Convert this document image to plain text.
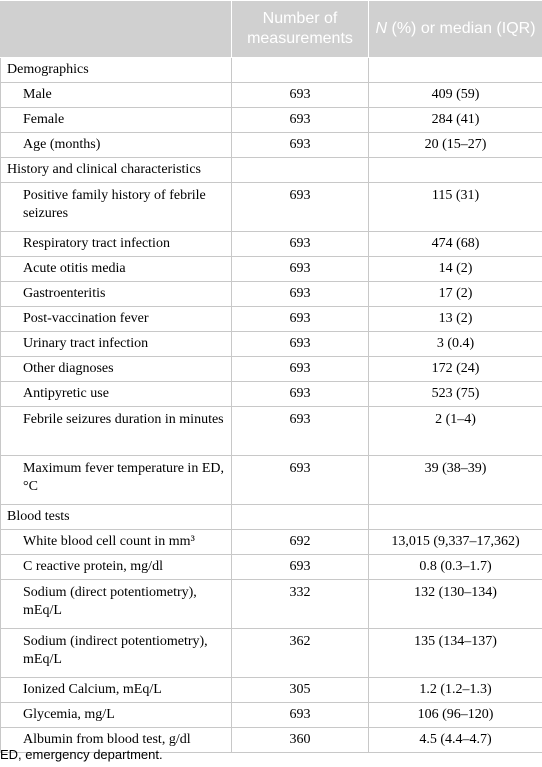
	Number of measurements	N (%) or median (IQR)
Demographics		
Male	693	409 (59)
Female	693	284 (41)
Age (months)	693	20 (15–27)
History and clinical characteristics		
Positive family history of febrile seizures	693	115 (31)
Respiratory tract infection	693	474 (68)
Acute otitis media	693	14 (2)
Gastroenteritis	693	17 (2)
Post-vaccination fever	693	13 (2)
Urinary tract infection	693	3 (0.4)
Other diagnoses	693	172 (24)
Antipyretic use	693	523 (75)
Febrile seizures duration in minutes	693	2 (1–4)
Maximum fever temperature in ED, °C	693	39 (38–39)
Blood tests		
White blood cell count in mm³	692	13,015 (9,337–17,362)
C reactive protein, mg/dl	693	0.8 (0.3–1.7)
Sodium (direct potentiometry), mEq/L	332	132 (130–134)
Sodium (indirect potentiometry), mEq/L	362	135 (134–137)
Ionized Calcium, mEq/L	305	1.2 (1.2–1.3)
Glycemia, mg/L	693	106 (96–120)
Albumin from blood test, g/dl	360	4.5 (4.4–4.7)
ED, emergency department.
